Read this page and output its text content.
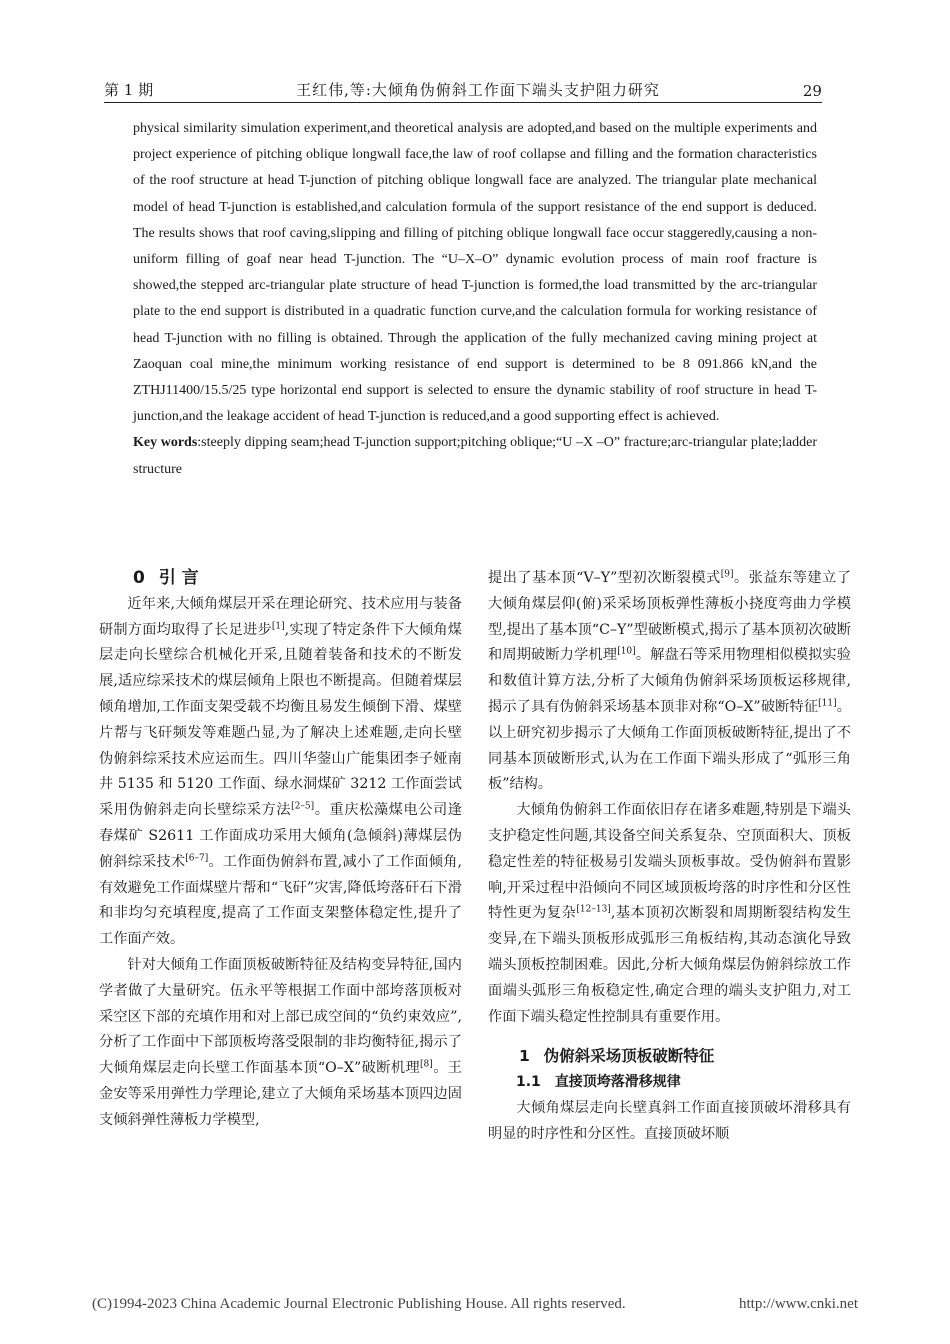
第 1 期	王红伟,等:大倾角伪俯斜工作面下端头支护阻力研究	29

physical similarity simulation experiment,and theoretical analysis are adopted,and based on the multiple experiments and project experience of pitching oblique longwall face,the law of roof collapse and filling and the formation characteristics of the roof structure at head T-junction of pitching oblique longwall face are analyzed. The triangular plate mechanical model of head T-junction is established,and calculation formula of the support resistance of the end support is deduced. The results shows that roof caving,slipping and filling of pitching oblique longwall face occur staggeredly,causing a non-uniform filling of goaf near head T-junction. The “U–X–O” dynamic evolution process of main roof fracture is showed,the stepped arc-triangular plate structure of head T-junction is formed,the load transmitted by the arc-triangular plate to the end support is distributed in a quadratic function curve,and the calculation formula for working resistance of head T-junction with no filling is obtained. Through the application of the fully mechanized caving mining project at Zaoquan coal mine,the minimum working resistance of end support is determined to be 8 091.866 kN,and the ZTHJ11400/15.5/25 type horizontal end support is selected to ensure the dynamic stability of roof structure in head T-junction,and the leakage accident of head T-junction is reduced,and a good supporting effect is achieved.

Key words:steeply dipping seam;head T-junction support;pitching oblique;“U –X –O” fracture;arc-triangular plate;ladder structure

0 引 言

近年来,大倾角煤层开采在理论研究、技术应用与装备研制方面均取得了长足进步[1],实现了特定条件下大倾角煤层走向长壁综合机械化开采,且随着装备和技术的不断发展,适应综采技术的煤层倾角上限也不断提高。但随着煤层倾角增加,工作面支架受载不均衡且易发生倾倒下滑、煤壁片帮与飞矸频发等难题凸显,为了解决上述难题,走向长壁伪俯斜综采技术应运而生。四川华蓥山广能集团李子娅南井 5135 和 5120 工作面、绿水洞煤矿 3212 工作面尝试采用伪俯斜走向长壁综采方法[2–5]。重庆松藻煤电公司逢春煤矿 S2611 工作面成功采用大倾角(急倾斜)薄煤层伪俯斜综采技术[6–7]。工作面伪俯斜布置,减小了工作面倾角,有效避免工作面煤壁片帮和“飞矸”灾害,降低垮落矸石下滑和非均匀充填程度,提高了工作面支架整体稳定性,提升了工作面产效。

针对大倾角工作面顶板破断特征及结构变异特征,国内学者做了大量研究。伍永平等根据工作面中部垮落顶板对采空区下部的充填作用和对上部已成空间的“负约束效应”,分析了工作面中下部顶板垮落受限制的非均衡特征,揭示了大倾角煤层走向长壁工作面基本顶“O–X”破断机理[8]。王金安等采用弹性力学理论,建立了大倾角采场基本顶四边固支倾斜弹性薄板力学模型,

提出了基本顶“V–Y”型初次断裂模式[9]。张益东等建立了大倾角煤层仰(俯)采采场顶板弹性薄板小挠度弯曲力学模型,提出了基本顶“C–Y”型破断模式,揭示了基本顶初次破断和周期破断力学机理[10]。解盘石等采用物理相似模拟实验和数值计算方法,分析了大倾角伪俯斜采场顶板运移规律,揭示了具有伪俯斜采场基本顶非对称“O–X”破断特征[11]。以上研究初步揭示了大倾角工作面顶板破断特征,提出了不同基本顶破断形式,认为在工作面下端头形成了“弧形三角板”结构。

大倾角伪俯斜工作面依旧存在诸多难题,特别是下端头支护稳定性问题,其设备空间关系复杂、空顶面积大、顶板稳定性差的特征极易引发端头顶板事故。受伪俯斜布置影响,开采过程中沿倾向不同区域顶板垮落的时序性和分区性特性更为复杂[12–13],基本顶初次断裂和周期断裂结构发生变异,在下端头顶板形成弧形三角板结构,其动态演化导致端头顶板控制困难。因此,分析大倾角煤层伪俯斜综放工作面端头弧形三角板稳定性,确定合理的端头支护阻力,对工作面下端头稳定性控制具有重要作用。

1 伪俯斜采场顶板破断特征

1.1 直接顶垮落滑移规律

大倾角煤层走向长壁真斜工作面直接顶破坏滑移具有明显的时序性和分区性。直接顶破坏顺

(C)1994-2023 China Academic Journal Electronic Publishing House. All rights reserved.	http://www.cnki.net
